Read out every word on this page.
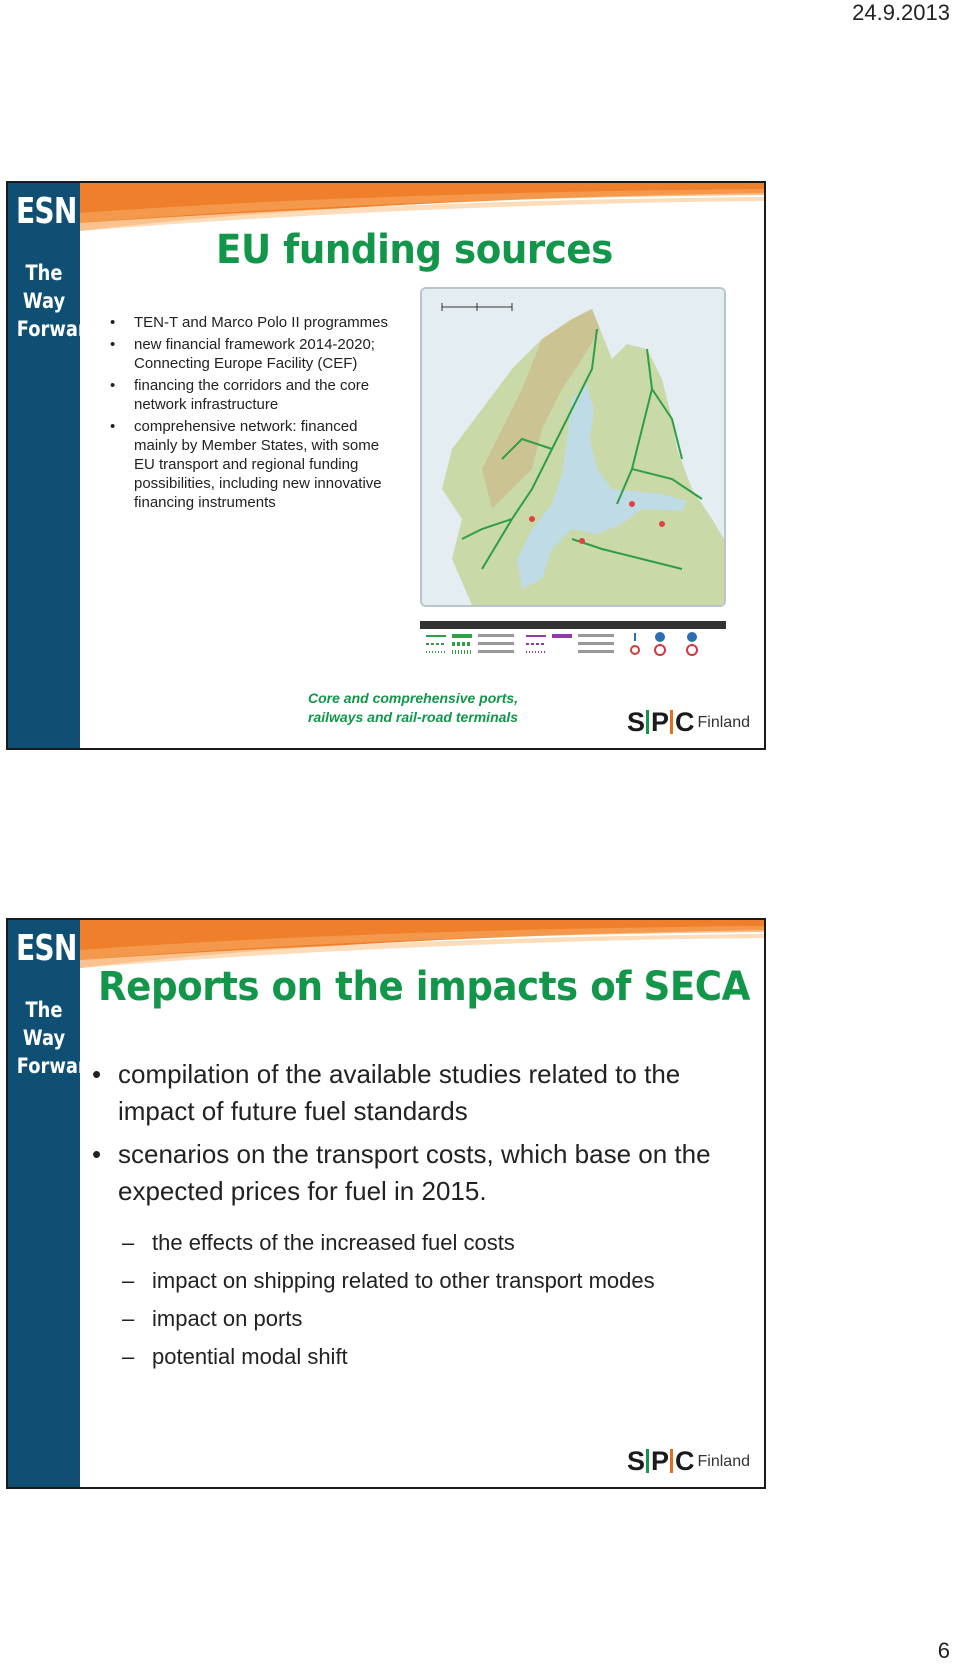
24.9.2013
ESN
The
Way
Forward
EU funding sources
• TEN-T and Marco Polo II programmes
• new financial framework 2014-2020; Connecting Europe Facility (CEF)
• financing the corridors and the core network infrastructure
• comprehensive network: financed mainly by Member States, with some EU transport and regional funding possibilities, including new innovative financing instruments
Core and comprehensive ports,
railways and rail-road terminals	S P C Finland
ESN
The
Way
Forward
Reports on the impacts of SECA
• compilation of the available studies related to the impact of future fuel standards
• scenarios on the transport costs, which base on the expected prices for fuel in 2015.
– the effects of the increased fuel costs
– impact on shipping related to other transport modes
– impact on ports
– potential modal shift
S P C Finland
6
